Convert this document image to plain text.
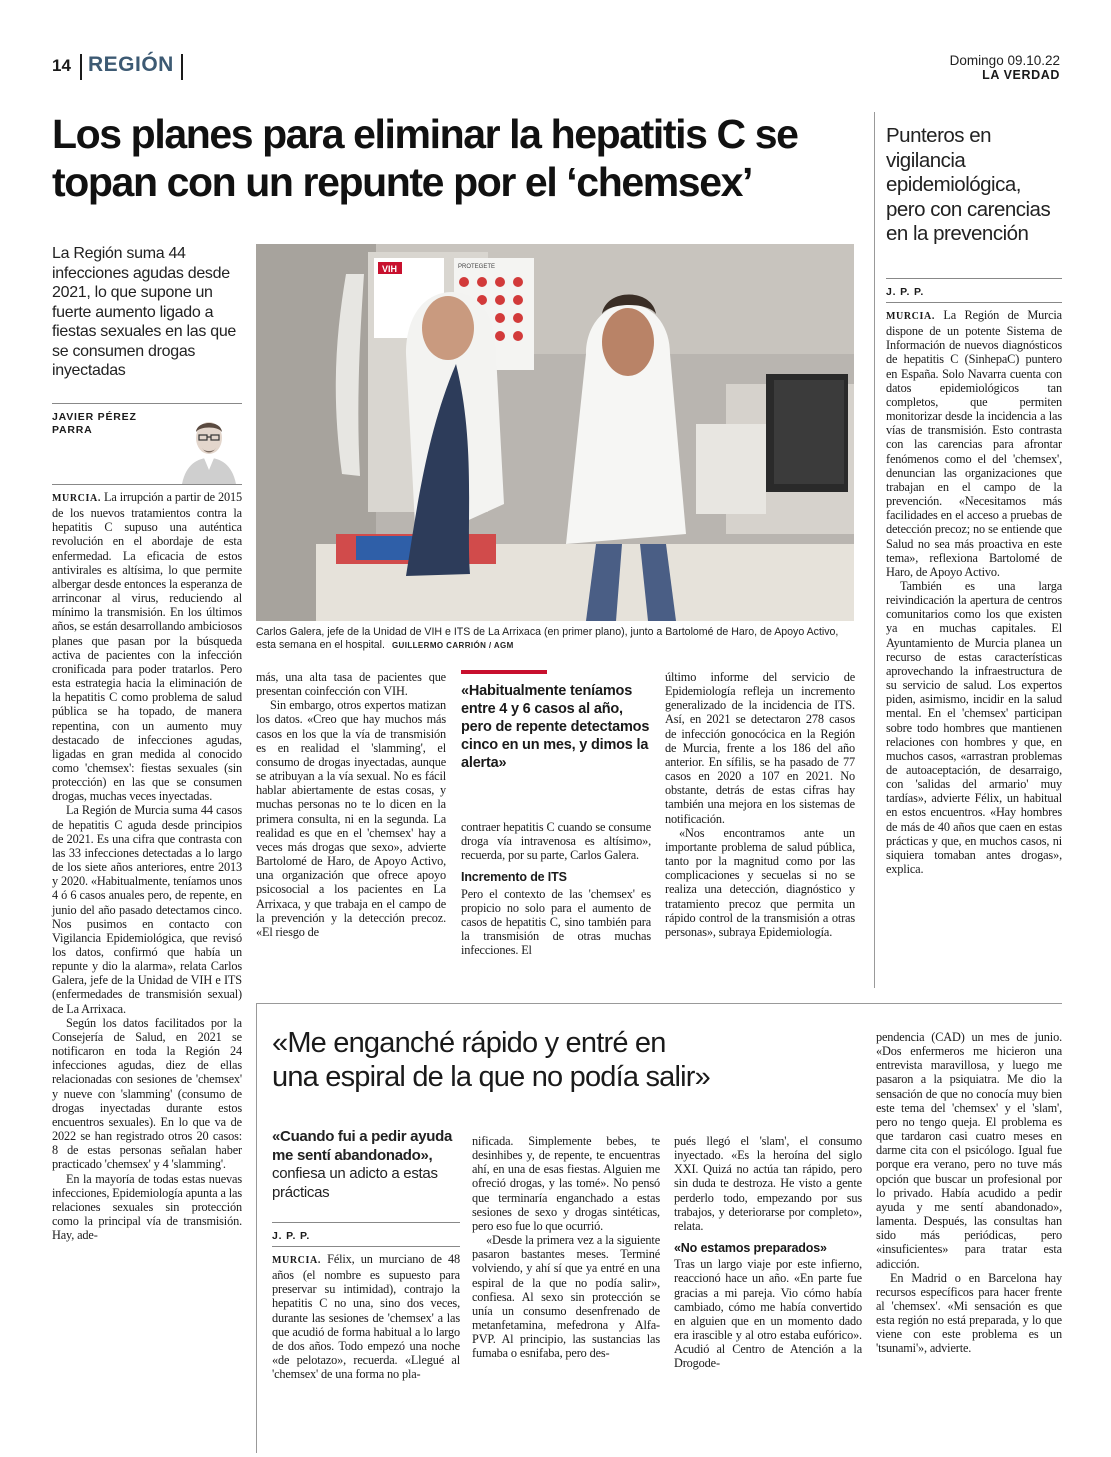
14 REGIÓN	Domingo 09.10.22
LA VERDAD
Los planes para eliminar la hepatitis C se
topan con un repunte por el ‘chemsex’
La Región suma 44 infecciones agudas desde 2021, lo que supone un fuerte aumento ligado a fiestas sexuales en las que se consumen drogas inyectadas
JAVIER PÉREZ
PARRA
VIH	PROTEGETE
Carlos Galera, jefe de la Unidad de VIH e ITS de La Arrixaca (en primer plano), junto a Bartolomé de Haro, de Apoyo Activo, esta semana en el hospital. GUILLERMO CARRIÓN / AGM

MURCIA. La irrupción a partir de 2015 de los nuevos tratamientos contra la hepatitis C supuso una auténtica revolución en el abordaje de esta enfermedad. La eficacia de estos antivirales es altísima, lo que permite albergar desde entonces la esperanza de arrinconar al virus, reduciendo al mínimo la transmisión. En los últimos años, se están desarrollando ambiciosos planes que pasan por la búsqueda activa de pacientes con la infección cronificada para poder tratarlos. Pero esta estrategia hacia la eliminación de la hepatitis C como problema de salud pública se ha topado, de manera repentina, con un aumento muy destacado de infecciones agudas, ligadas en gran medida al conocido como 'chemsex': fiestas sexuales (sin protección) en las que se consumen drogas, muchas veces inyectadas.

La Región de Murcia suma 44 casos de hepatitis C aguda desde principios de 2021. Es una cifra que contrasta con las 33 infecciones detectadas a lo largo de los siete años anteriores, entre 2013 y 2020. «Habitualmente, teníamos unos 4 ó 6 casos anuales pero, de repente, en junio del año pasado detectamos cinco. Nos pusimos en contacto con Vigilancia Epidemiológica, que revisó los datos, confirmó que había un repunte y dio la alarma», relata Carlos Galera, jefe de la Unidad de VIH e ITS (enfermedades de transmisión sexual) de La Arrixaca.

Según los datos facilitados por la Consejería de Salud, en 2021 se notificaron en toda la Región 24 infecciones agudas, diez de ellas relacionadas con sesiones de 'chemsex' y nueve con 'slamming' (consumo de drogas inyectadas durante estos encuentros sexuales). En lo que va de 2022 se han registrado otros 20 casos: 8 de estas personas señalan haber practicado 'chemsex' y 4 'slamming'.

En la mayoría de todas estas nuevas infecciones, Epidemiología apunta a las relaciones sexuales sin protección como la principal vía de transmisión. Hay, ade-

más, una alta tasa de pacientes que presentan coinfección con VIH.

Sin embargo, otros expertos matizan los datos. «Creo que hay muchos más casos en los que la vía de transmisión es en realidad el 'slamming', el consumo de drogas inyectadas, aunque se atribuyan a la vía sexual. No es fácil hablar abiertamente de estas cosas, y muchas personas no te lo dicen en la primera consulta, ni en la segunda. La realidad es que en el 'chemsex' hay a veces más drogas que sexo», advierte Bartolomé de Haro, de Apoyo Activo, una organización que ofrece apoyo psicosocial a los pacientes en La Arrixaca, y que trabaja en el campo de la prevención y la detección precoz. «El riesgo de

«Habitualmente teníamos entre 4 y 6 casos al año, pero de repente detectamos cinco en un mes, y dimos la alerta»

contraer hepatitis C cuando se consume droga vía intravenosa es altísimo», recuerda, por su parte, Carlos Galera.

Incremento de ITS

Pero el contexto de las 'chemsex' es propicio no solo para el aumento de casos de hepatitis C, sino también para la transmisión de otras muchas infecciones. El

último informe del servicio de Epidemiología refleja un incremento generalizado de la incidencia de ITS. Así, en 2021 se detectaron 278 casos de infección gonocócica en la Región de Murcia, frente a los 186 del año anterior. En sífilis, se ha pasado de 77 casos en 2020 a 107 en 2021. No obstante, detrás de estas cifras hay también una mejora en los sistemas de notificación.

«Nos encontramos ante un importante problema de salud pública, tanto por la magnitud como por las complicaciones y secuelas si no se realiza una detección, diagnóstico y tratamiento precoz que permita un rápido control de la transmisión a otras personas», subraya Epidemiología.

Punteros en vigilancia epidemiológica, pero con carencias en la prevención
J. P. P.

MURCIA. La Región de Murcia dispone de un potente Sistema de Información de nuevos diagnósticos de hepatitis C (SinhepaC) puntero en España. Solo Navarra cuenta con datos epidemiológicos tan completos, que permiten monitorizar desde la incidencia a las vías de transmisión. Esto contrasta con las carencias para afrontar fenómenos como el del 'chemsex', denuncian las organizaciones que trabajan en el campo de la prevención. «Necesitamos más facilidades en el acceso a pruebas de detección precoz; no se entiende que Salud no sea más proactiva en este tema», reflexiona Bartolomé de Haro, de Apoyo Activo.

También es una larga reivindicación la apertura de centros comunitarios como los que existen ya en muchas capitales. El Ayuntamiento de Murcia planea un recurso de estas características aprovechando la infraestructura de su servicio de salud. Los expertos piden, asimismo, incidir en la salud mental. En el 'chemsex' participan sobre todo hombres que mantienen relaciones con hombres y que, en muchos casos, «arrastran problemas de autoaceptación, de desarraigo, con 'salidas del armario' muy tardías», advierte Félix, un habitual en estos encuentros. «Hay hombres de más de 40 años que caen en estas prácticas y que, en muchos casos, ni siquiera tomaban antes drogas», explica.

«Me enganché rápido y entré en
una espiral de la que no podía salir»
«Cuando fui a pedir ayuda me sentí abandonado», confiesa un adicto a estas prácticas
J. P. P.

MURCIA. Félix, un murciano de 48 años (el nombre es supuesto para preservar su intimidad), contrajo la hepatitis C no una, sino dos veces, durante las sesiones de 'chemsex' a las que acudió de forma habitual a lo largo de dos años. Todo empezó una noche «de pelotazo», recuerda. «Llegué al 'chemsex' de una forma no pla-

nificada. Simplemente bebes, te desinhibes y, de repente, te encuentras ahí, en una de esas fiestas. Alguien me ofreció drogas, y las tomé». No pensó que terminaría enganchado a estas sesiones de sexo y drogas sintéticas, pero eso fue lo que ocurrió.

«Desde la primera vez a la siguiente pasaron bastantes meses. Terminé volviendo, y ahí sí que ya entré en una espiral de la que no podía salir», confiesa. Al sexo sin protección se unía un consumo desenfrenado de metanfetamina, mefedrona y Alfa-PVP. Al principio, las sustancias las fumaba o esnifaba, pero des-

pués llegó el 'slam', el consumo inyectado. «Es la heroína del siglo XXI. Quizá no actúa tan rápido, pero sin duda te destroza. He visto a gente perderlo todo, empezando por sus trabajos, y deteriorarse por completo», relata.

«No estamos preparados»

Tras un largo viaje por este infierno, reaccionó hace un año. «En parte fue gracias a mi pareja. Vio cómo había cambiado, cómo me había convertido en alguien que en un momento dado era irascible y al otro estaba eufórico». Acudió al Centro de Atención a la Drogode-

pendencia (CAD) un mes de junio. «Dos enfermeros me hicieron una entrevista maravillosa, y luego me pasaron a la psiquiatra. Me dio la sensación de que no conocía muy bien este tema del 'chemsex' y el 'slam', pero no tengo queja. El problema es que tardaron casi cuatro meses en darme cita con el psicólogo. Igual fue porque era verano, pero no tuve más opción que buscar un profesional por lo privado. Había acudido a pedir ayuda y me sentí abandonado», lamenta. Después, las consultas han sido más periódicas, pero «insuficientes» para tratar esta adicción.

En Madrid o en Barcelona hay recursos específicos para hacer frente al 'chemsex'. «Mi sensación es que esta región no está preparada, y lo que viene con este problema es un 'tsunami'», advierte.
